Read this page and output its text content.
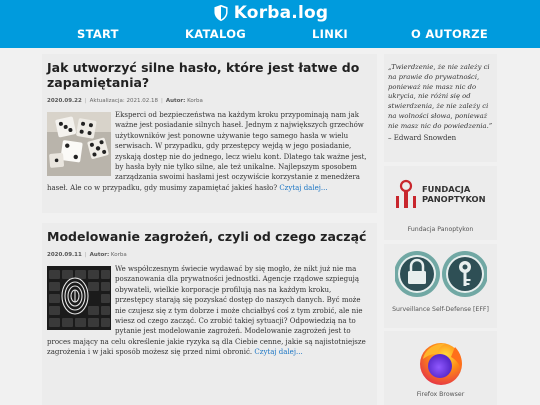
Korba.log
START	KATALOG	LINKI	O AUTORZE
Jak utworzyć silne hasło, które jest łatwe do zapamiętania?
2020.09.22 | Aktualizacja: 2021.02.18 | Autor: Korba
Eksperci od bezpieczeństwa na każdym kroku przypominają nam jak ważne jest posiadanie silnych haseł. Jednym z największych grzechów użytkowników jest ponowne używanie tego samego hasła w wielu serwisach. W przypadku, gdy przestępcy wejdą w jego posiadanie, zyskają dostęp nie do jednego, lecz wielu kont. Dlatego tak ważne jest, by hasła były nie tylko silne, ale też unikalne. Najlepszym sposobem zarządzania swoimi hasłami jest oczywiście korzystanie z menedżera haseł. Ale co w przypadku, gdy musimy zapamiętać jakieś hasło? Czytaj dalej...
Modelowanie zagrożeń, czyli od czego zacząć
2020.09.11 | Autor: Korba
We współczesnym świecie wydawać by się mogło, że nikt już nie ma poszanowania dla prywatności jednostki. Agencje rządowe szpiegują obywateli, wielkie korporacje profilują nas na każdym kroku, przestępcy starają się pozyskać dostęp do naszych danych. Być może nie czujesz się z tym dobrze i może chciałbyś coś z tym zrobić, ale nie wiesz od czego zacząć. Co zrobić takiej sytuacji? Odpowiedzią na to pytanie jest modelowanie zagrożeń. Modelowanie zagrożeń jest to proces mający na celu określenie jakie ryzyka są dla Ciebie cenne, jakie są najistotniejsze zagrożenia i w jaki sposób możesz się przed nimi obronić. Czytaj dalej...
„Twierdzenie, że nie zależy ci na prawie do prywatności, ponieważ nie masz nic do ukrycia, nie różni się od stwierdzenia, że nie zależy ci na wolności słowa, ponieważ nie masz nic do powiedzenia.”
– Edward Snowden
FUNDACJA
PANOPTYKON
Fundacja Panoptykon
Surveillance Self-Defense [EFF]
Firefox Browser
